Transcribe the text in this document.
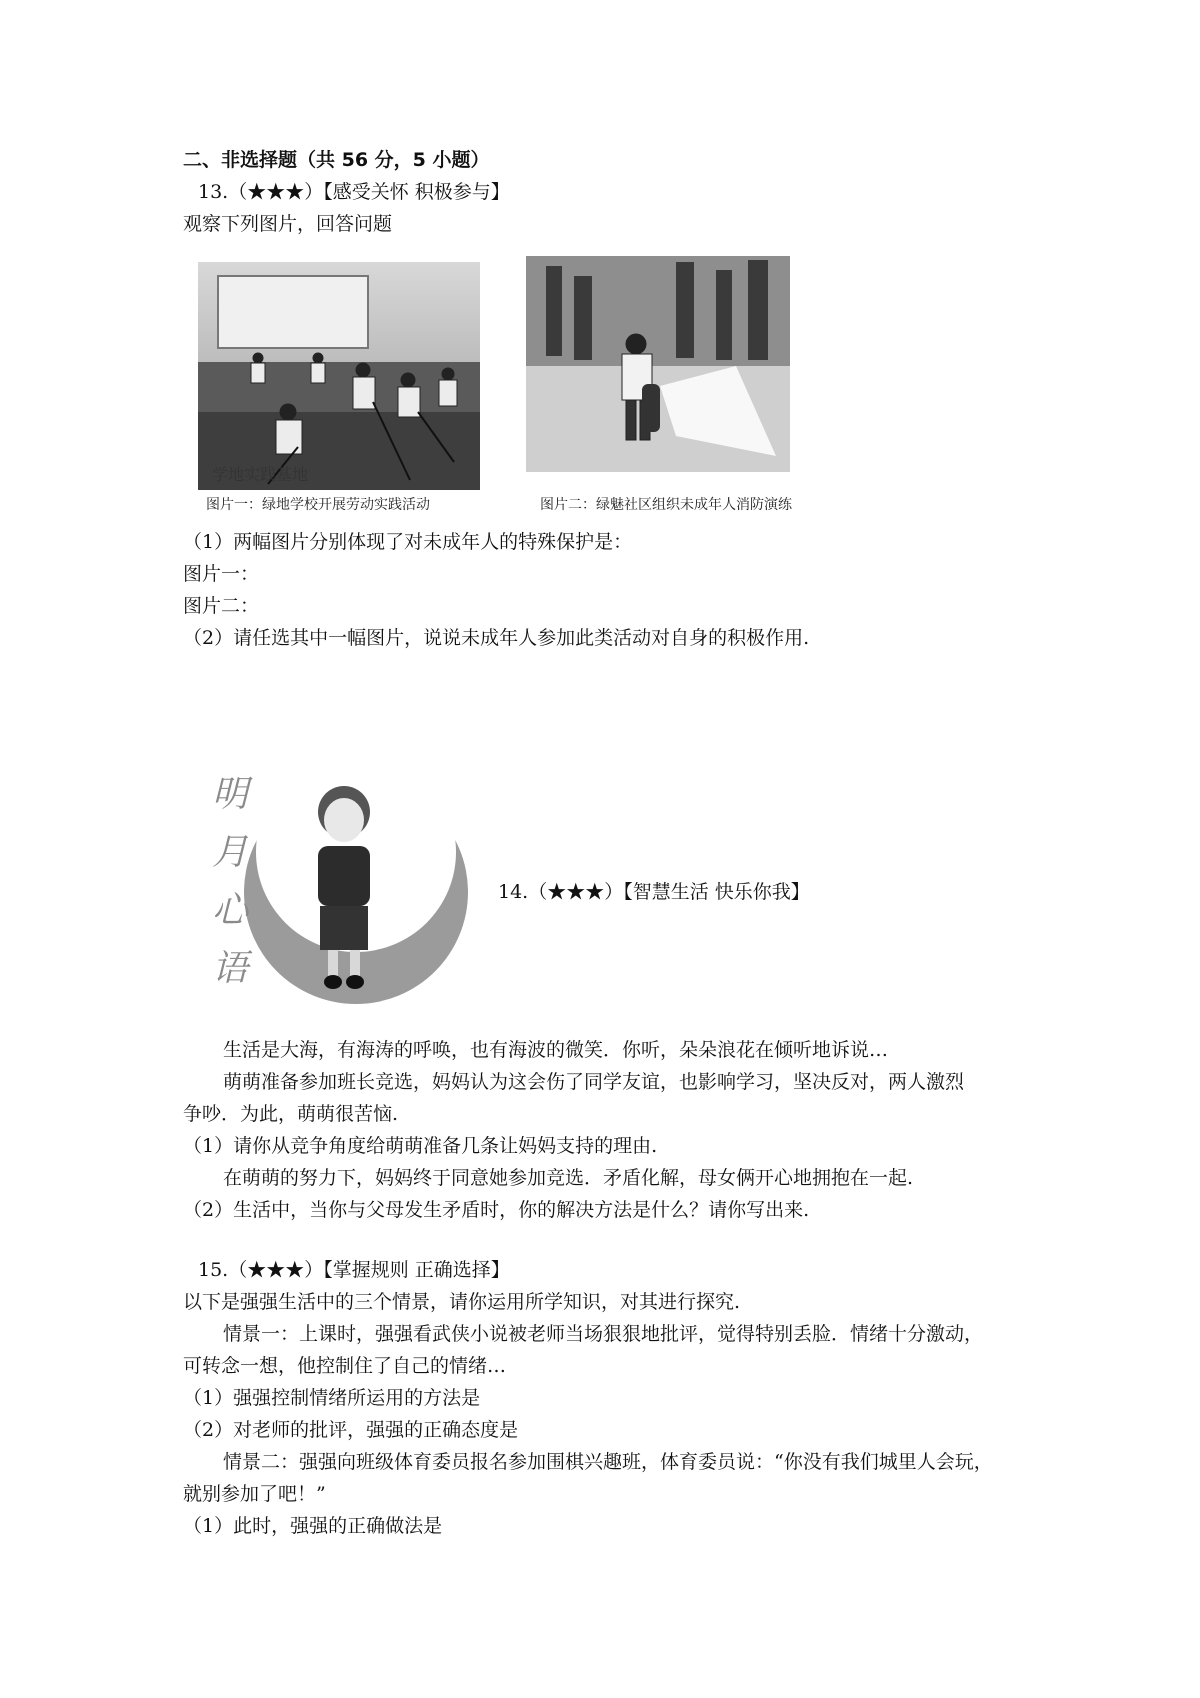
二、非选择题（共 56 分，5 小题）
13.（★★★）【感受关怀 积极参与】
观察下列图片，回答问题
学地实践基地
图片一：绿地学校开展劳动实践活动	图片二：绿魅社区组织未成年人消防演练
（1）两幅图片分别体现了对未成年人的特殊保护是：
图片一：
图片二：
（2）请任选其中一幅图片，说说未成年人参加此类活动对自身的积极作用.
明
月
心
语
14.（★★★）【智慧生活 快乐你我】
生活是大海，有海涛的呼唤，也有海波的微笑．你听，朵朵浪花在倾听地诉说…
萌萌准备参加班长竞选，妈妈认为这会伤了同学友谊，也影响学习，坚决反对，两人激烈
争吵．为此，萌萌很苦恼.
（1）请你从竞争角度给萌萌准备几条让妈妈支持的理由.
在萌萌的努力下，妈妈终于同意她参加竞选．矛盾化解，母女俩开心地拥抱在一起.
（2）生活中，当你与父母发生矛盾时，你的解决方法是什么？请你写出来.
15.（★★★）【掌握规则 正确选择】
以下是强强生活中的三个情景，请你运用所学知识，对其进行探究.
情景一：上课时，强强看武侠小说被老师当场狠狠地批评，觉得特别丢脸．情绪十分激动，
可转念一想，他控制住了自己的情绪…
（1）强强控制情绪所运用的方法是
（2）对老师的批评，强强的正确态度是
情景二：强强向班级体育委员报名参加围棋兴趣班，体育委员说：“你没有我们城里人会玩，
就别参加了吧！”
（1）此时，强强的正确做法是
